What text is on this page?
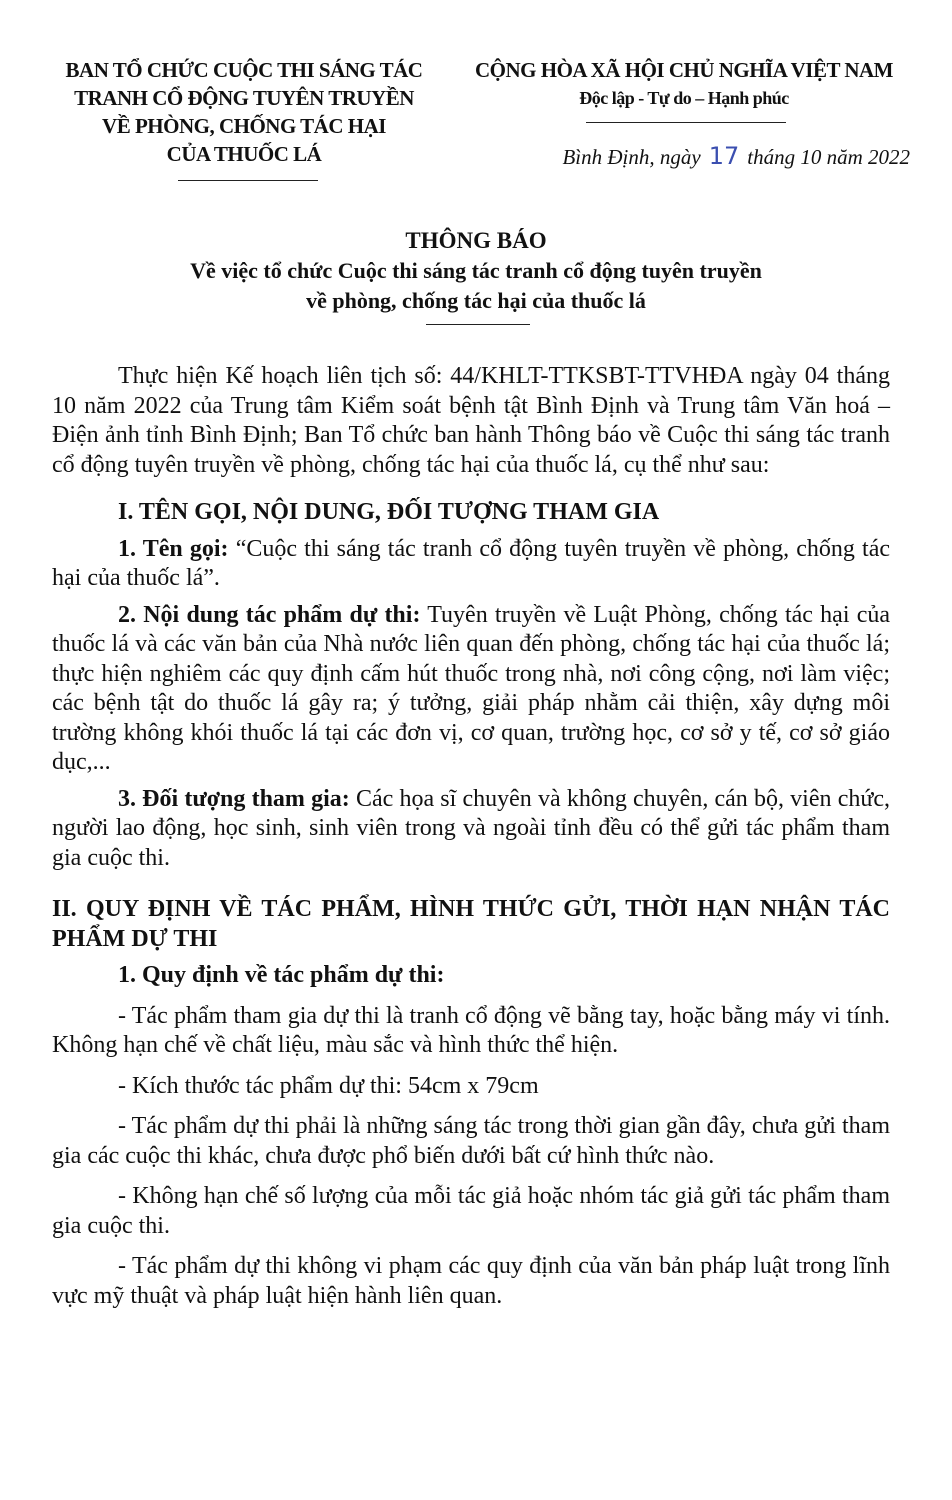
BAN TỔ CHỨC CUỘC THI SÁNG TÁC
TRANH CỔ ĐỘNG TUYÊN TRUYỀN
VỀ PHÒNG, CHỐNG TÁC HẠI
CỦA THUỐC LÁ
CỘNG HÒA XÃ HỘI CHỦ NGHĨA VIỆT NAM
Độc lập - Tự do – Hạnh phúc
Bình Định, ngày 17 tháng 10 năm 2022
THÔNG BÁO
Về việc tổ chức Cuộc thi sáng tác tranh cổ động tuyên truyền
về phòng, chống tác hại của thuốc lá

Thực hiện Kế hoạch liên tịch số: 44/KHLT-TTKSBT-TTVHĐA ngày 04 tháng 10 năm 2022 của Trung tâm Kiểm soát bệnh tật Bình Định và Trung tâm Văn hoá – Điện ảnh tỉnh Bình Định; Ban Tổ chức ban hành Thông báo về Cuộc thi sáng tác tranh cổ động tuyên truyền về phòng, chống tác hại của thuốc lá, cụ thể như sau:

I. TÊN GỌI, NỘI DUNG, ĐỐI TƯỢNG THAM GIA

1. Tên gọi: “Cuộc thi sáng tác tranh cổ động tuyên truyền về phòng, chống tác hại của thuốc lá”.

2. Nội dung tác phẩm dự thi: Tuyên truyền về Luật Phòng, chống tác hại của thuốc lá và các văn bản của Nhà nước liên quan đến phòng, chống tác hại của thuốc lá; thực hiện nghiêm các quy định cấm hút thuốc trong nhà, nơi công cộng, nơi làm việc; các bệnh tật do thuốc lá gây ra; ý tưởng, giải pháp nhằm cải thiện, xây dựng môi trường không khói thuốc lá tại các đơn vị, cơ quan, trường học, cơ sở y tế, cơ sở giáo dục,...

3. Đối tượng tham gia: Các họa sĩ chuyên và không chuyên, cán bộ, viên chức, người lao động, học sinh, sinh viên trong và ngoài tỉnh đều có thể gửi tác phẩm tham gia cuộc thi.

II. QUY ĐỊNH VỀ TÁC PHẨM, HÌNH THỨC GỬI, THỜI HẠN NHẬN TÁC PHẨM DỰ THI

1. Quy định về tác phẩm dự thi:

- Tác phẩm tham gia dự thi là tranh cổ động vẽ bằng tay, hoặc bằng máy vi tính. Không hạn chế về chất liệu, màu sắc và hình thức thể hiện.

- Kích thước tác phẩm dự thi: 54cm x 79cm

- Tác phẩm dự thi phải là những sáng tác trong thời gian gần đây, chưa gửi tham gia các cuộc thi khác, chưa được phổ biến dưới bất cứ hình thức nào.

- Không hạn chế số lượng của mỗi tác giả hoặc nhóm tác giả gửi tác phẩm tham gia cuộc thi.

- Tác phẩm dự thi không vi phạm các quy định của văn bản pháp luật trong lĩnh vực mỹ thuật và pháp luật hiện hành liên quan.
